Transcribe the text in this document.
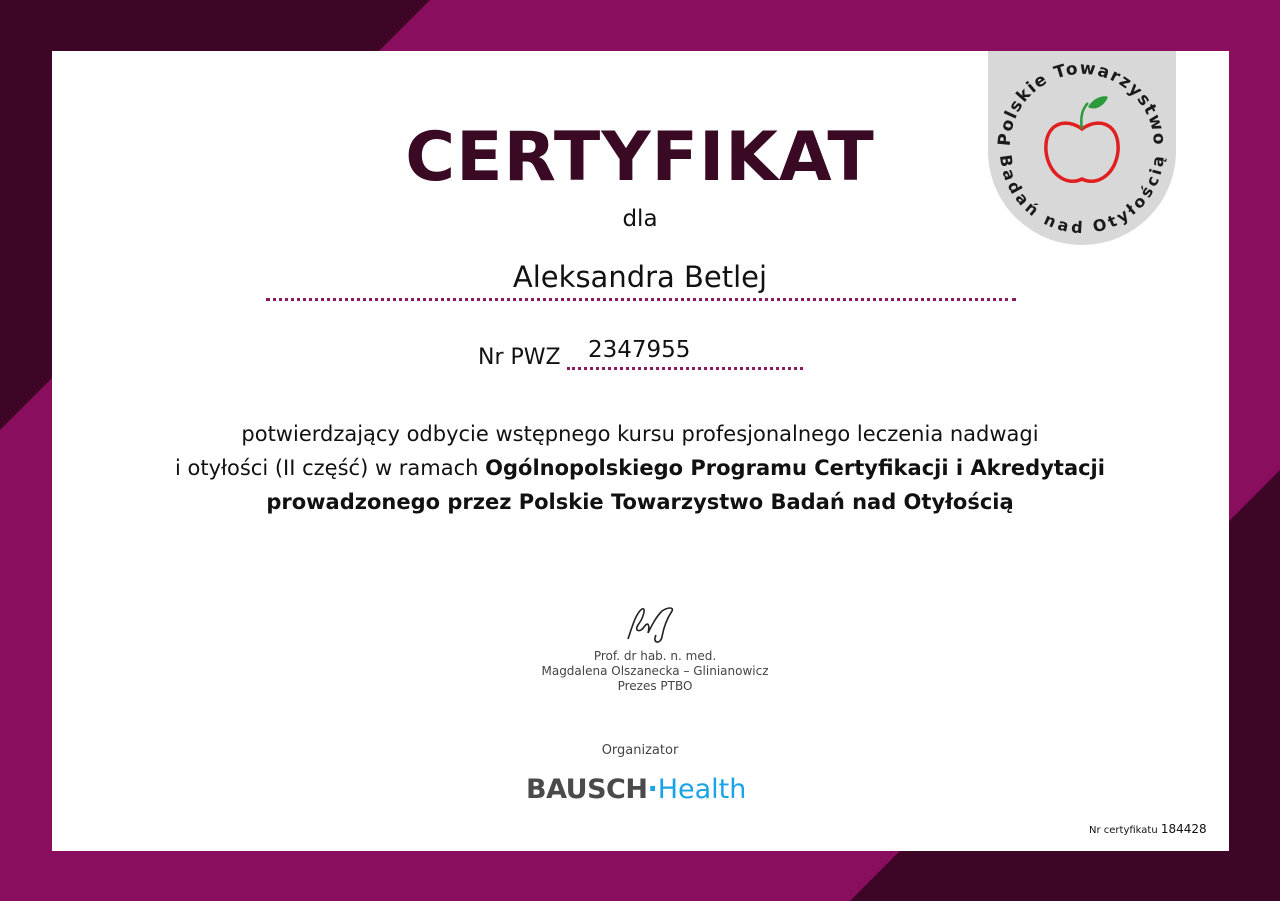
Polskie Towarzystwo
Badań nad Otyłością
CERTYFIKAT
dla
Aleksandra Betlej
Nr PWZ 2347955
potwierdzający odbycie wstępnego kursu profesjonalnego leczenia nadwagi
i otyłości (II część) w ramach Ogólnopolskiego Programu Certyfikacji i Akredytacji
prowadzonego przez Polskie Towarzystwo Badań nad Otyłością
Prof. dr hab. n. med.
Magdalena Olszanecka – Glinianowicz
Prezes PTBO
Organizator
BAUSCH·Health
Nr certyfikatu 184428
